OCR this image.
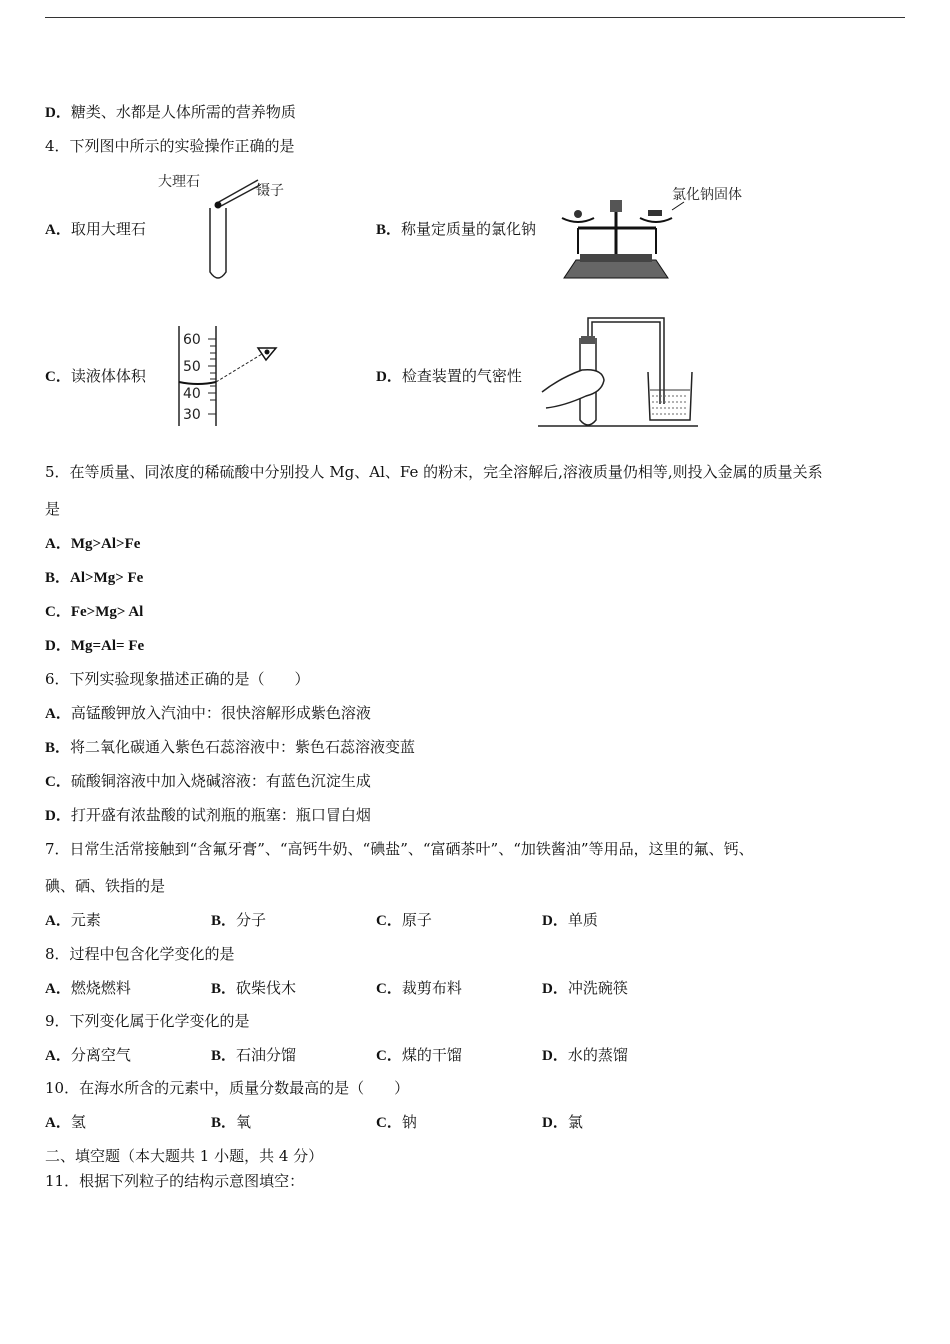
D．糖类、水都是人体所需的营养物质
4．下列图中所示的实验操作正确的是
A．取用大理石
大理石
镊子
B．称量定质量的氯化钠
氯化钠固体
C．读液体体积
60
50
40
30
D．检查装置的气密性
5．在等质量、同浓度的稀硫酸中分别投人 Mg、Al、Fe 的粉末，完全溶解后,溶液质量仍相等,则投入金属的质量关系
是
A．Mg>Al>Fe
B．Al>Mg> Fe
C．Fe>Mg> Al
D．Mg=Al= Fe
6．下列实验现象描述正确的是（　　）
A．高锰酸钾放入汽油中：很快溶解形成紫色溶液
B．将二氧化碳通入紫色石蕊溶液中：紫色石蕊溶液变蓝
C．硫酸铜溶液中加入烧碱溶液：有蓝色沉淀生成
D．打开盛有浓盐酸的试剂瓶的瓶塞：瓶口冒白烟
7．日常生活常接触到“含氟牙膏”、“高钙牛奶、“碘盐”、“富硒茶叶”、“加铁酱油”等用品，这里的氟、钙、
碘、硒、铁指的是
A．元素	B．分子	C．原子	D．单质
8．过程中包含化学变化的是
A．燃烧燃料	B．砍柴伐木	C．裁剪布料	D．冲洗碗筷
9．下列变化属于化学变化的是
A．分离空气	B．石油分馏	C．煤的干馏	D．水的蒸馏
10．在海水所含的元素中，质量分数最高的是（　　）
A．氢	B．氧	C．钠	D．氯
二、填空题（本大题共 1 小题，共 4 分）
11．根据下列粒子的结构示意图填空：
